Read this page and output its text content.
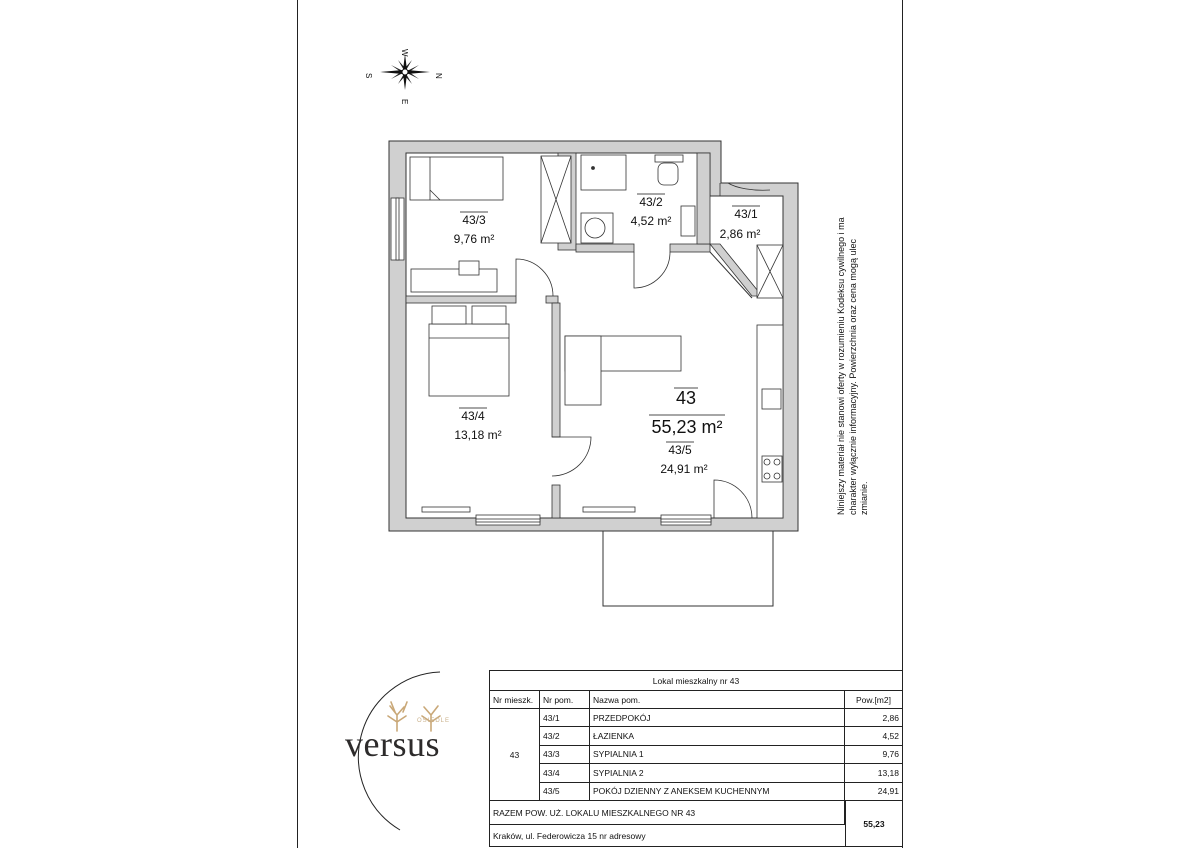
W
E
S	N
43/3
9,76 m²
43/2
4,52 m²	43/1
2,86 m²
43/4
13,18 m²
43
55,23 m²
43/5
24,91 m²	Niniejszy materiał nie stanowi oferty w rozumieniu Kodeksu cywilnego i ma charakter wyłącznie informacyjny. Powierzchnia oraz cena mogą ulec zmianie.
OSIEDLE
versus
Lokal mieszkalny nr 43
Nr mieszk.	Nr pom.	Nazwa pom.	Pow.[m2]
43
43/1	PRZEDPOKÓJ	2,86
43/2	ŁAZIENKA	4,52
43/3	SYPIALNIA 1	9,76
43/4	SYPIALNIA 2	13,18
43/5	POKÓJ DZIENNY Z ANEKSEM KUCHENNYM	24,91
RAZEM POW. UŻ. LOKALU MIESZKALNEGO NR 43
55,23
Kraków, ul. Federowicza 15 nr adresowy
